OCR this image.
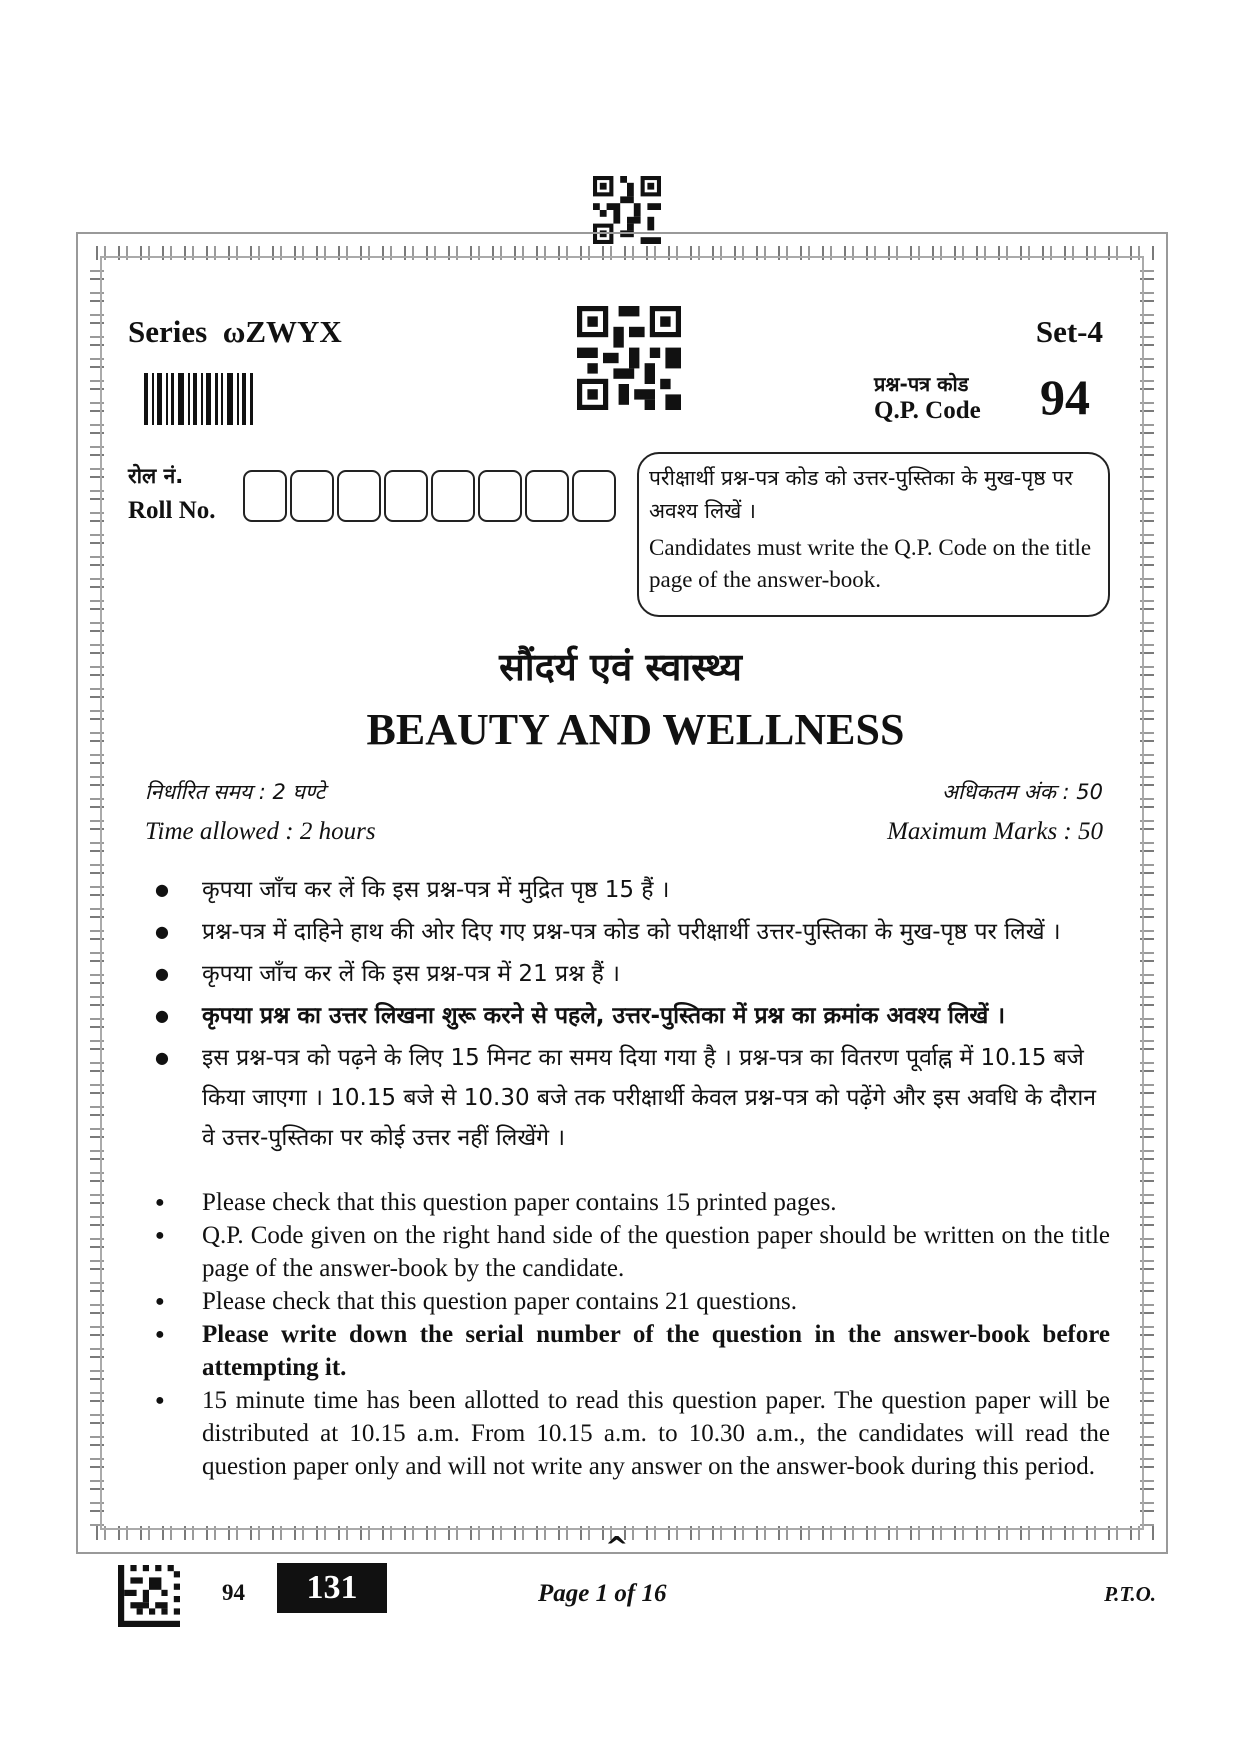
Series ωZWYX	Set-4
प्रश्न-पत्र कोड
Q.P. Code 94
रोल नं.
Roll No.
परीक्षार्थी प्रश्न-पत्र कोड को उत्तर-पुस्तिका के मुख-पृष्ठ पर अवश्य लिखें ।
Candidates must write the Q.P. Code on the title page of the answer-book.
सौंदर्य एवं स्वास्थ्य
BEAUTY AND WELLNESS
निर्धारित समय : 2 घण्टे	अधिकतम अंक : 50
Time allowed : 2 hours	Maximum Marks : 50
● कृपया जाँच कर लें कि इस प्रश्न-पत्र में मुद्रित पृष्ठ 15 हैं ।
● प्रश्न-पत्र में दाहिने हाथ की ओर दिए गए प्रश्न-पत्र कोड को परीक्षार्थी उत्तर-पुस्तिका के मुख-पृष्ठ पर लिखें ।
● कृपया जाँच कर लें कि इस प्रश्न-पत्र में 21 प्रश्न हैं ।
● कृपया प्रश्न का उत्तर लिखना शुरू करने से पहले, उत्तर-पुस्तिका में प्रश्न का क्रमांक अवश्य लिखें ।
● इस प्रश्न-पत्र को पढ़ने के लिए 15 मिनट का समय दिया गया है । प्रश्न-पत्र का वितरण पूर्वाह्न में 10.15 बजे किया जाएगा । 10.15 बजे से 10.30 बजे तक परीक्षार्थी केवल प्रश्न-पत्र को पढ़ेंगे और इस अवधि के दौरान वे उत्तर-पुस्तिका पर कोई उत्तर नहीं लिखेंगे ।
● Please check that this question paper contains 15 printed pages.
● Q.P. Code given on the right hand side of the question paper should be written on the title page of the answer-book by the candidate.
● Please check that this question paper contains 21 questions.
● Please write down the serial number of the question in the answer-book before attempting it.
● 15 minute time has been allotted to read this question paper. The question paper will be distributed at 10.15 a.m. From 10.15 a.m. to 10.30 a.m., the candidates will read the question paper only and will not write any answer on the answer-book during this period.
^
94	131	Page 1 of 16	P.T.O.
